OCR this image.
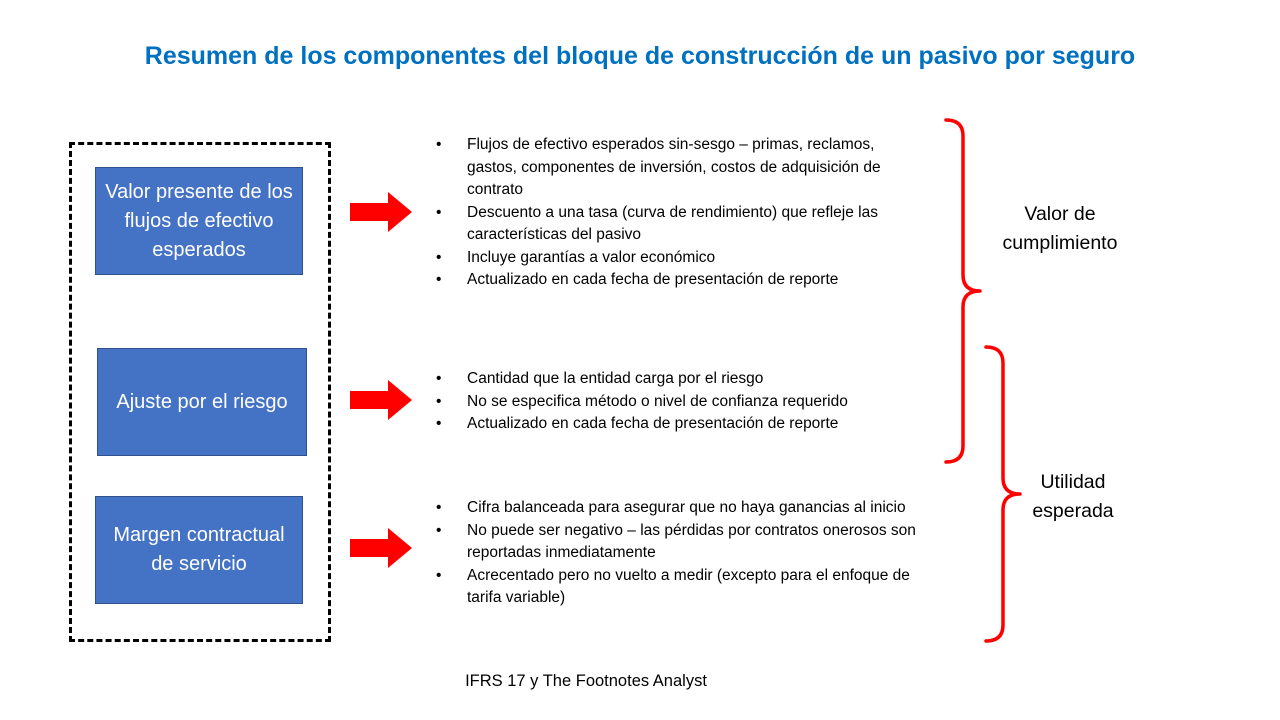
Resumen de los componentes del bloque de construcción de un pasivo por seguro
Valor presente de los flujos de efectivo esperados
Ajuste por el riesgo
Margen contractual de servicio
• Flujos de efectivo esperados sin-sesgo – primas, reclamos, gastos, componentes de inversión, costos de adquisición de contrato
• Descuento a una tasa (curva de rendimiento) que refleje las características del pasivo
• Incluye garantías a valor económico
• Actualizado en cada fecha de presentación de reporte
• Cantidad que la entidad carga por el riesgo
• No se especifica método o nivel de confianza requerido
• Actualizado en cada fecha de presentación de reporte
• Cifra balanceada para asegurar que no haya ganancias al inicio
• No puede ser negativo – las pérdidas por contratos onerosos son reportadas inmediatamente
• Acrecentado pero no vuelto a medir (excepto para el enfoque de tarifa variable)

Valor de cumplimiento

Utilidad esperada

IFRS 17 y The Footnotes Analyst
